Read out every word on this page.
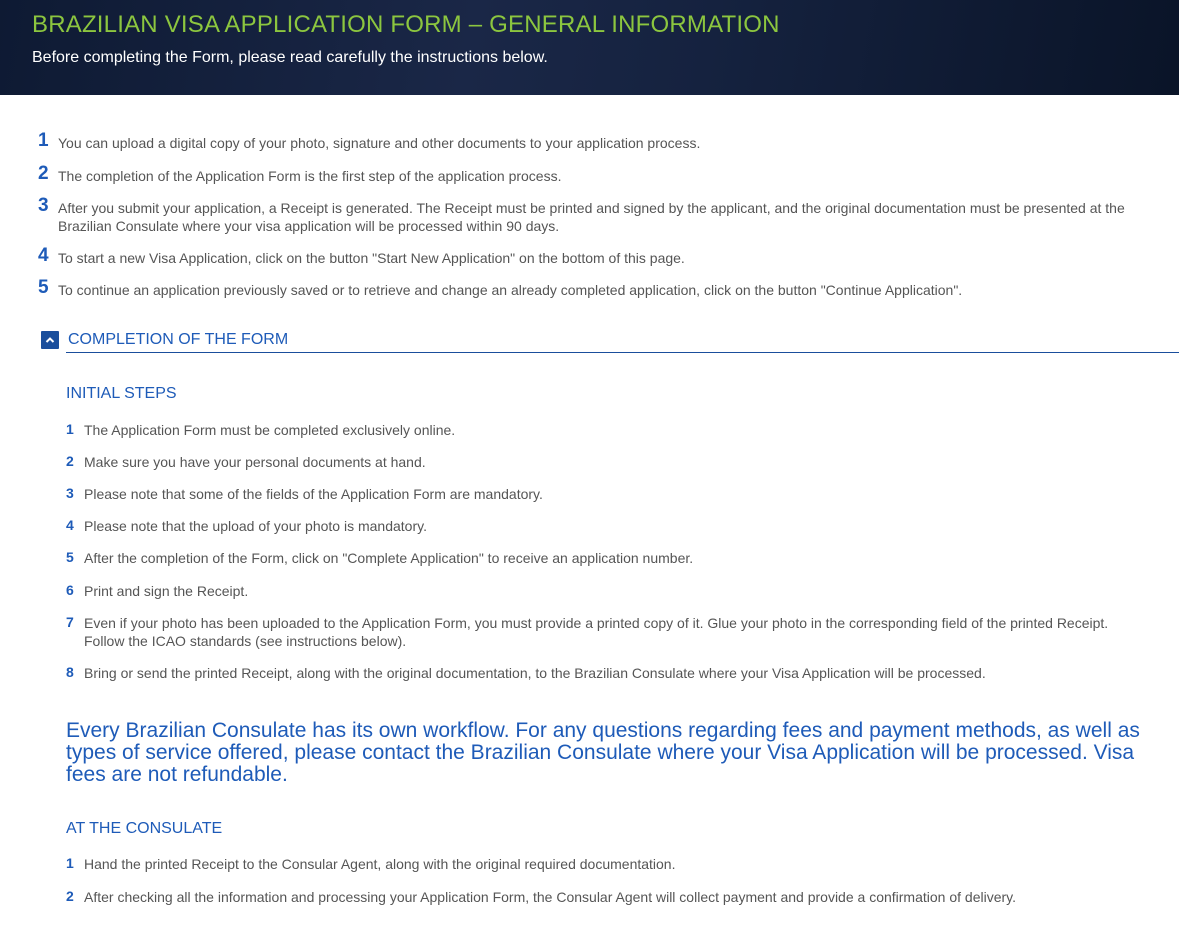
BRAZILIAN VISA APPLICATION FORM – GENERAL INFORMATION
Before completing the Form, please read carefully the instructions below.
1 You can upload a digital copy of your photo, signature and other documents to your application process.
2 The completion of the Application Form is the first step of the application process.
3 After you submit your application, a Receipt is generated. The Receipt must be printed and signed by the applicant, and the original documentation must be presented at the Brazilian Consulate where your visa application will be processed within 90 days.
4 To start a new Visa Application, click on the button "Start New Application" on the bottom of this page.
5 To continue an application previously saved or to retrieve and change an already completed application, click on the button "Continue Application".
COMPLETION OF THE FORM
INITIAL STEPS
1 The Application Form must be completed exclusively online.
2 Make sure you have your personal documents at hand.
3 Please note that some of the fields of the Application Form are mandatory.
4 Please note that the upload of your photo is mandatory.
5 After the completion of the Form, click on "Complete Application" to receive an application number.
6 Print and sign the Receipt.
7 Even if your photo has been uploaded to the Application Form, you must provide a printed copy of it. Glue your photo in the corresponding field of the printed Receipt. Follow the ICAO standards (see instructions below).
8 Bring or send the printed Receipt, along with the original documentation, to the Brazilian Consulate where your Visa Application will be processed.
Every Brazilian Consulate has its own workflow. For any questions regarding fees and payment methods, as well as types of service offered, please contact the Brazilian Consulate where your Visa Application will be processed. Visa fees are not refundable.
AT THE CONSULATE
1 Hand the printed Receipt to the Consular Agent, along with the original required documentation.
2 After checking all the information and processing your Application Form, the Consular Agent will collect payment and provide a confirmation of delivery.
